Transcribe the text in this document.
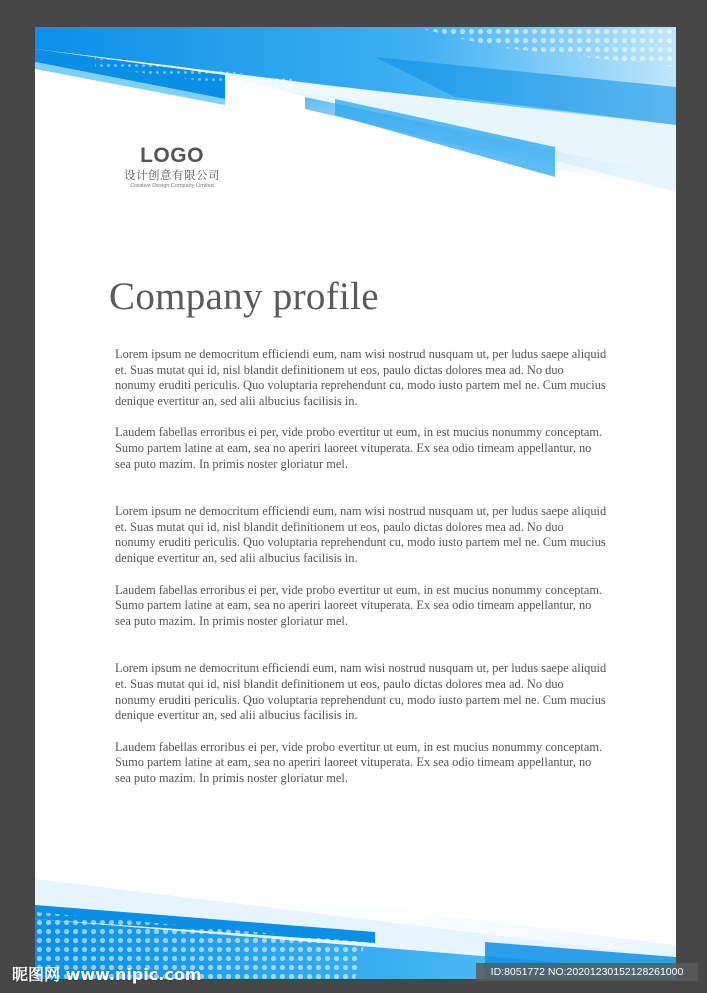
LOGO
设计创意有限公司
Creative Design Company Limited
Company profile

Lorem ipsum ne democritum efficiendi eum, nam wisi nostrud nusquam ut, per ludus saepe aliquid et. Suas mutat qui id, nisl blandit definitionem ut eos, paulo dictas dolores mea ad. No duo nonumy eruditi periculis. Quo voluptaria reprehendunt cu, modo iusto partem mel ne. Cum mucius denique evertitur an, sed alii albucius facilisis in.

Laudem fabellas erroribus ei per, vide probo evertitur ut eum, in est mucius nonummy conceptam. Sumo partem latine at eam, sea no aperiri laoreet vituperata. Ex sea odio timeam appellantur, no sea puto mazim. In primis noster gloriatur mel.

Lorem ipsum ne democritum efficiendi eum, nam wisi nostrud nusquam ut, per ludus saepe aliquid et. Suas mutat qui id, nisl blandit definitionem ut eos, paulo dictas dolores mea ad. No duo nonumy eruditi periculis. Quo voluptaria reprehendunt cu, modo iusto partem mel ne. Cum mucius denique evertitur an, sed alii albucius facilisis in.

Laudem fabellas erroribus ei per, vide probo evertitur ut eum, in est mucius nonummy conceptam. Sumo partem latine at eam, sea no aperiri laoreet vituperata. Ex sea odio timeam appellantur, no sea puto mazim. In primis noster gloriatur mel.

Lorem ipsum ne democritum efficiendi eum, nam wisi nostrud nusquam ut, per ludus saepe aliquid et. Suas mutat qui id, nisl blandit definitionem ut eos, paulo dictas dolores mea ad. No duo nonumy eruditi periculis. Quo voluptaria reprehendunt cu, modo iusto partem mel ne. Cum mucius denique evertitur an, sed alii albucius facilisis in.

Laudem fabellas erroribus ei per, vide probo evertitur ut eum, in est mucius nonummy conceptam. Sumo partem latine at eam, sea no aperiri laoreet vituperata. Ex sea odio timeam appellantur, no sea puto mazim. In primis noster gloriatur mel.

昵图网 www.nipic.com	ID:8051772 NO:20201230152128261000
